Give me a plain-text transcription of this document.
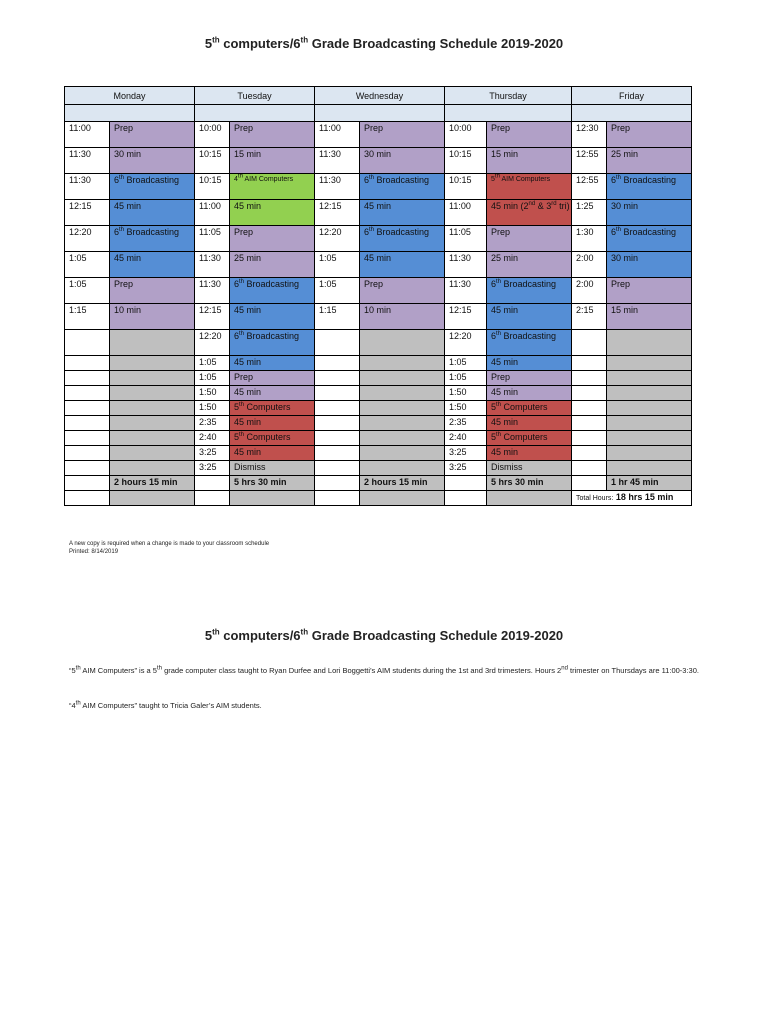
5th computers/6th Grade Broadcasting Schedule 2019-2020
Monday		Tuesday		Wednesday		Thursday		Friday	

11:00	Prep	10:00	Prep	11:00	Prep	10:00	Prep	12:30	Prep
11:30	30 min	10:15	15 min	11:30	30 min	10:15	15 min	12:55	25 min
11:30	6th Broadcasting	10:15	4th AIM Computers	11:30	6th Broadcasting	10:15	5th AIM Computers	12:55	6th Broadcasting
12:15	45 min	11:00	45 min	12:15	45 min	11:00	45 min (2nd & 3rd tri)	1:25	30 min
12:20	6th Broadcasting	11:05	Prep	12:20	6th Broadcasting	11:05	Prep	1:30	6th Broadcasting
1:05	45 min	11:30	25 min	1:05	45 min	11:30	25 min	2:00	30 min
1:05	Prep	11:30	6th Broadcasting	1:05	Prep	11:30	6th Broadcasting	2:00	Prep
1:15	10 min	12:15	45 min	1:15	10 min	12:15	45 min	2:15	15 min
		12:20	6th Broadcasting			12:20	6th Broadcasting		
		1:05	45 min			1:05	45 min		
		1:05	Prep			1:05	Prep		
		1:50	45 min			1:50	45 min		
		1:50	5th Computers			1:50	5th Computers		
		2:35	45 min			2:35	45 min		
		2:40	5th Computers			2:40	5th Computers		
		3:25	45 min			3:25	45 min		
		3:25	Dismiss			3:25	Dismiss		
	2 hours 15 min		5 hrs 30 min		2 hours 15 min		5 hrs 30 min		1 hr 45 min
								Total Hours: 18 hrs 15 min	
A new copy is required when a change is made to your classroom schedule
Printed: 8/14/2019
5th computers/6th Grade Broadcasting Schedule 2019-2020
“5th AIM Computers” is a 5th grade computer class taught to Ryan Durfee and Lori Boggetti’s AIM students during the 1st and 3rd trimesters. Hours 2nd trimester on Thursdays are 11:00-3:30.
“4th AIM Computers” taught to Tricia Galer’s AIM students.
